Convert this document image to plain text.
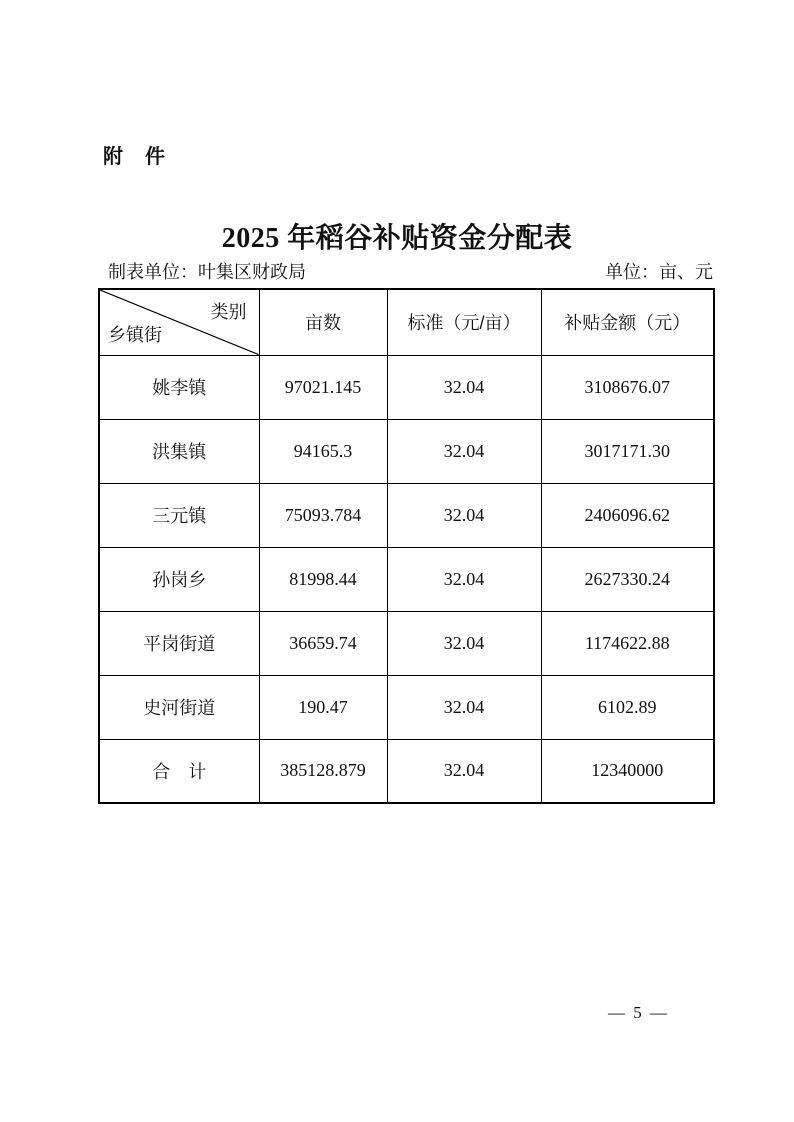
附　件
2025 年稻谷补贴资金分配表
制表单位：叶集区财政局	单位：亩、元
类别
乡镇街	亩数	标准（元/亩）	补贴金额（元）
姚李镇	97021.145	32.04	3108676.07
洪集镇	94165.3	32.04	3017171.30
三元镇	75093.784	32.04	2406096.62
孙岗乡	81998.44	32.04	2627330.24
平岗街道	36659.74	32.04	1174622.88
史河街道	190.47	32.04	6102.89
合　计	385128.879	32.04	12340000
— 5 —
